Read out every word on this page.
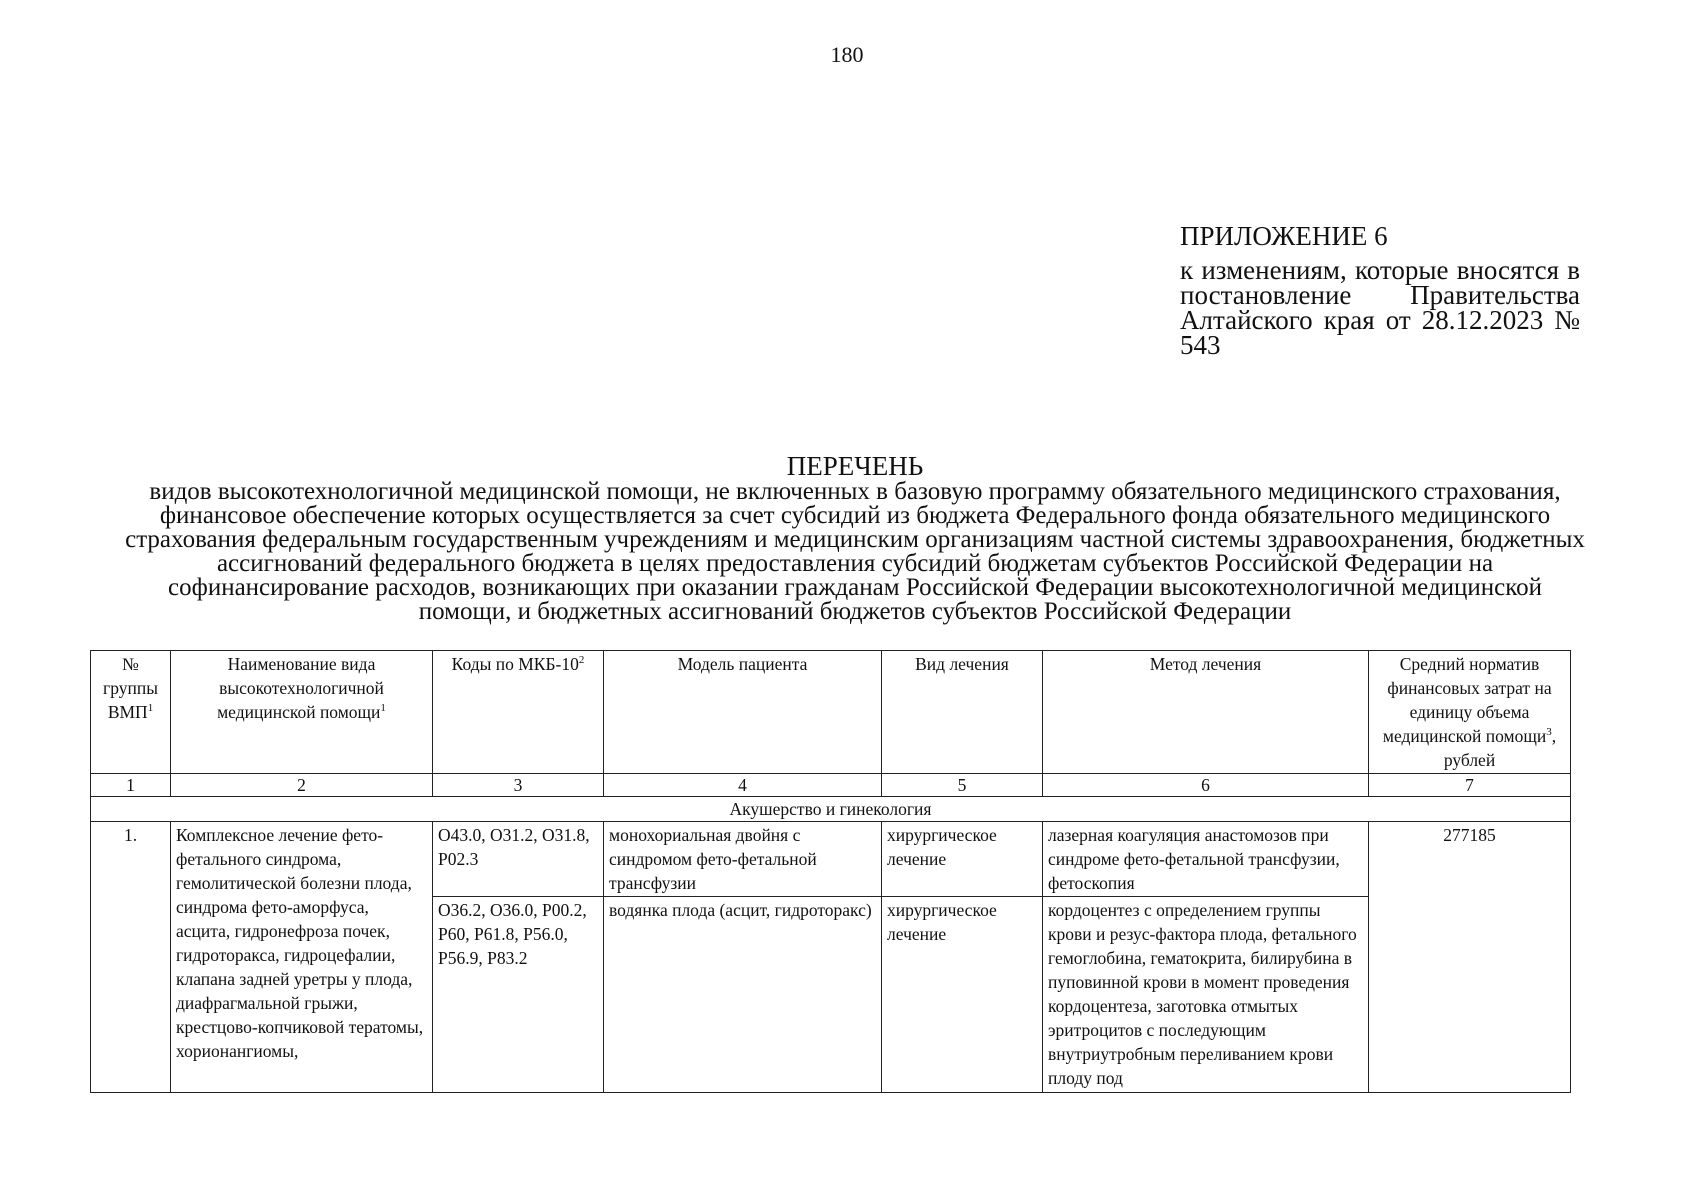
180
ПРИЛОЖЕНИЕ 6
к изменениям, которые вносятся в постановление Правительства Алтайского края от 28.12.2023 № 543
ПЕРЕЧЕНЬ
видов высокотехнологичной медицинской помощи, не включенных в базовую программу обязательного медицинского страхования, финансовое обеспечение которых осуществляется за счет субсидий из бюджета Федерального фонда обязательного медицинского страхования федеральным государственным учреждениям и медицинским организациям частной системы здравоохранения, бюджетных ассигнований федерального бюджета в целях предоставления субсидий бюджетам субъектов Российской Федерации на софинансирование расходов, возникающих при оказании гражданам Российской Федерации высокотехнологичной медицинской помощи, и бюджетных ассигнований бюджетов субъектов Российской Федерации
№ группы ВМП$^1$	Наименование вида высокотехнологичной медицинской помощи$^1$	Коды по МКБ-$10^2$	Модель пациента	Вид лечения	Метод лечения	Средний норматив финансовых затрат на единицу объема медицинской помощи$^3$, рублей
1	2	3	4	5	6	7
Акушерство и гинекология						
1.	Комплексное лечение фето-фетального синдрома, гемолитической болезни плода, синдрома фето-аморфуса, асцита, гидронефроза почек, гидроторакса, гидроцефалии, клапана задней уретры у плода, диафрагмальной грыжи, крестцово-копчиковой тератомы, хорионангиомы,	O43.0, O31.2, O31.8, P02.3	монохориальная двойня с синдромом фето-фетальной трансфузии	хирургическое лечение	лазерная коагуляция анастомозов при синдроме фето-фетальной трансфузии, фетоскопия	277185
		O36.2, O36.0, P00.2, P60, P61.8, P56.0, P56.9, P83.2	водянка плода (асцит, гидроторакс)	хирургическое лечение	кордоцентез с определением группы крови и резус-фактора плода, фетального гемоглобина, гематокрита, билирубина в пуповинной крови в момент проведения кордоцентеза, заготовка отмытых эритроцитов с последующим внутриутробным переливанием крови плоду под	
